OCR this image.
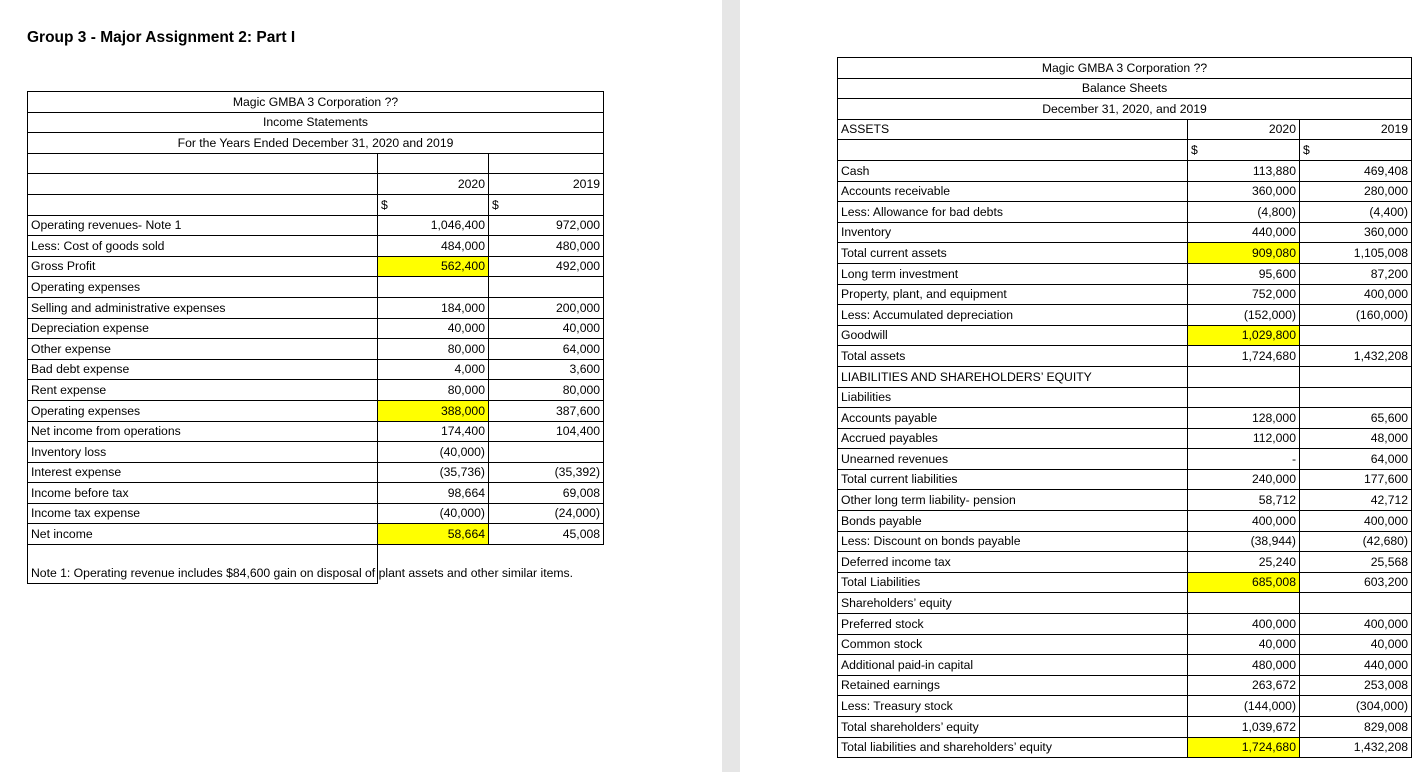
Group 3 - Major Assignment 2: Part I
Magic GMBA 3 Corporation ??		
Income Statements		
For the Years Ended December 31, 2020 and 2019		

	2020	2019
	$	$
Operating revenues- Note 1	1,046,400	972,000
Less: Cost of goods sold	484,000	480,000
Gross Profit	562,400	492,000
Operating expenses		
Selling and administrative expenses	184,000	200,000
Depreciation expense	40,000	40,000
Other expense	80,000	64,000
Bad debt expense	4,000	3,600
Rent expense	80,000	80,000
Operating expenses	388,000	387,600
Net income from operations	174,400	104,400
Inventory loss	(40,000)	
Interest expense	(35,736)	(35,392)
Income before tax	98,664	69,008
Income tax expense	(40,000)	(24,000)
Net income	58,664	45,008
Note 1: Operating revenue includes $84,600 gain on disposal of plant assets and other similar items.		
Magic GMBA 3 Corporation ??		
Balance Sheets		
December 31, 2020, and 2019		
ASSETS	2020	2019
	$	$
Cash	113,880	469,408
Accounts receivable	360,000	280,000
Less: Allowance for bad debts	(4,800)	(4,400)
Inventory	440,000	360,000
Total current assets	909,080	1,105,008
Long term investment	95,600	87,200
Property, plant, and equipment	752,000	400,000
Less: Accumulated depreciation	(152,000)	(160,000)
Goodwill	1,029,800	
Total assets	1,724,680	1,432,208
LIABILITIES AND SHAREHOLDERS’ EQUITY		
Liabilities		
Accounts payable	128,000	65,600
Accrued payables	112,000	48,000
Unearned revenues	-	64,000
Total current liabilities	240,000	177,600
Other long term liability- pension	58,712	42,712
Bonds payable	400,000	400,000
Less: Discount on bonds payable	(38,944)	(42,680)
Deferred income tax	25,240	25,568
Total Liabilities	685,008	603,200
Shareholders’ equity		
Preferred stock	400,000	400,000
Common stock	40,000	40,000
Additional paid-in capital	480,000	440,000
Retained earnings	263,672	253,008
Less: Treasury stock	(144,000)	(304,000)
Total shareholders’ equity	1,039,672	829,008
Total liabilities and shareholders’ equity	1,724,680	1,432,208
